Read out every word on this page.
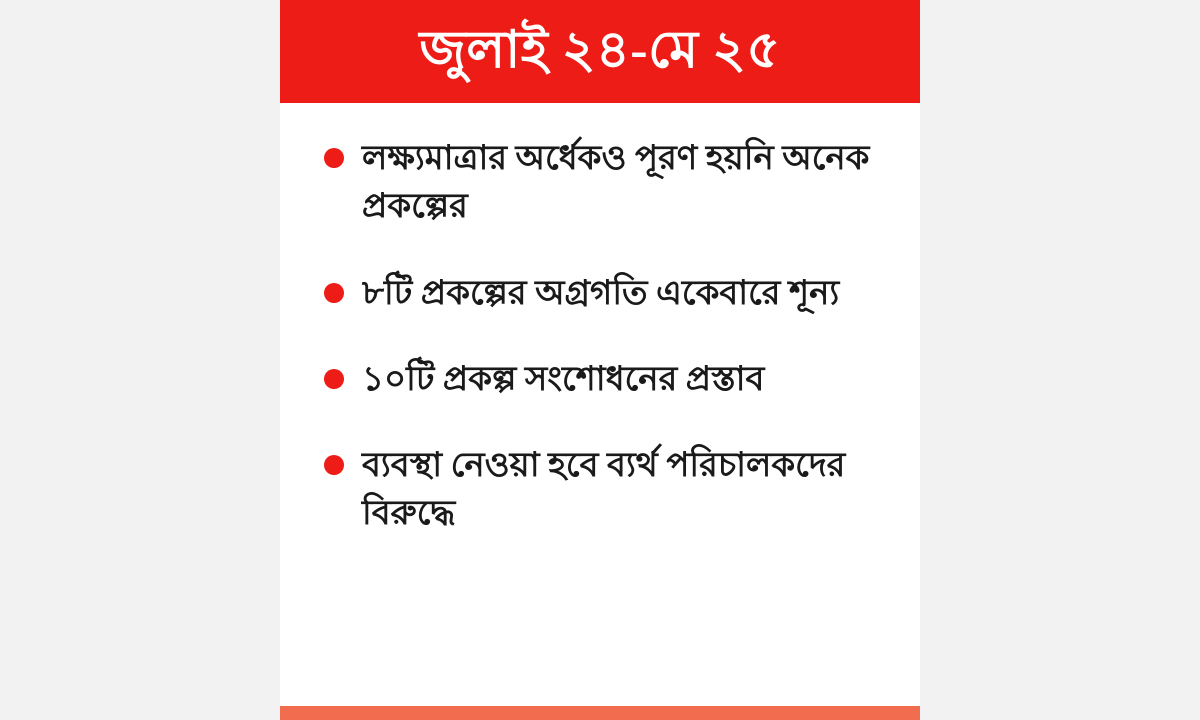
জুলাই ২৪-মে ২৫
লক্ষ্যমাত্রার অর্ধেকও পূরণ হয়নি অনেক প্রকল্পের
৮টি প্রকল্পের অগ্রগতি একেবারে শূন্য
১০টি প্রকল্প সংশোধনের প্রস্তাব
ব্যবস্থা নেওয়া হবে ব্যর্থ পরিচালকদের বিরুদ্ধে
